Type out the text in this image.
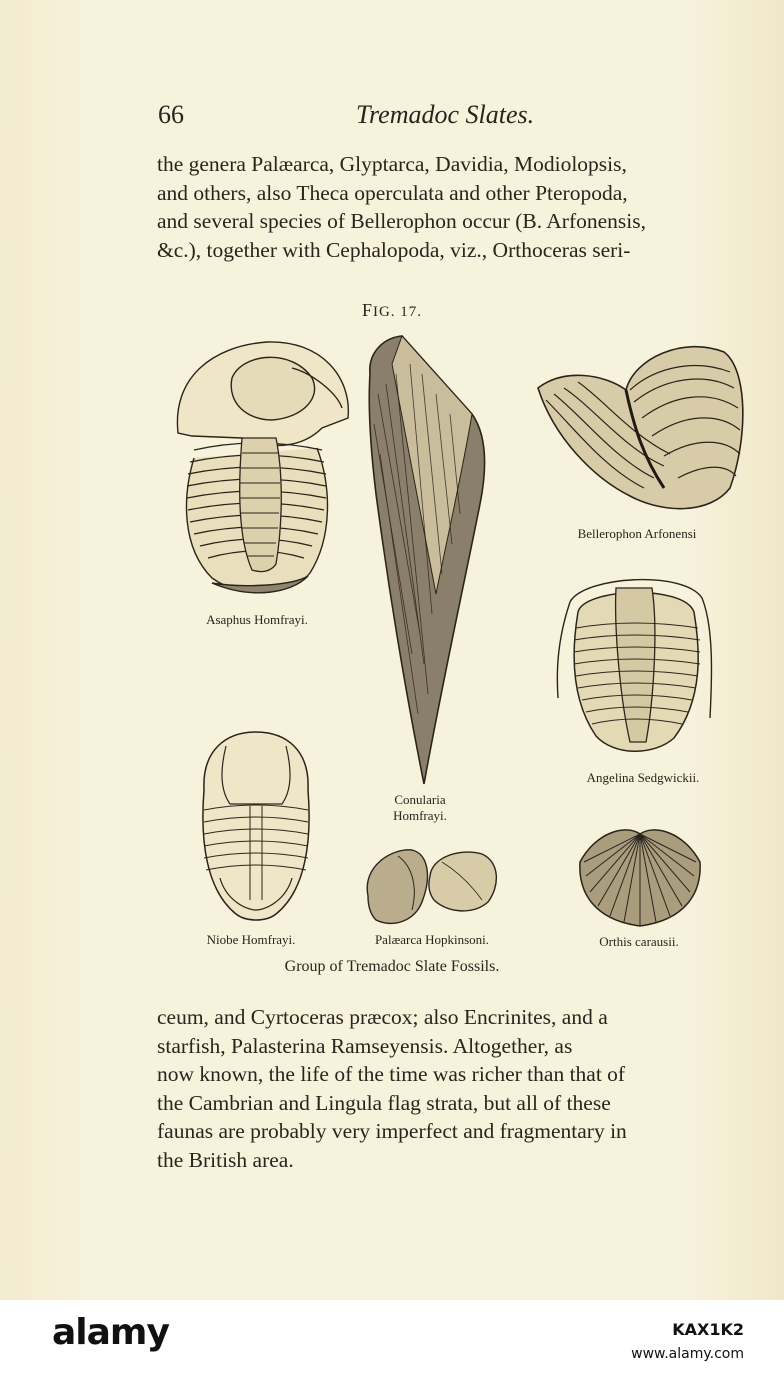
66	Tremadoc Slates.

the genera Palæarca, Glyptarca, Davidia, Modiolopsis,

and others, also Theca operculata and other Pteropoda,

and several species of Bellerophon occur (B. Arfonensis,

&c.), together with Cephalopoda, viz., Orthoceras seri-

FIG. 17.
Asaphus Homfrayi.
Conularia
Homfrayi.
Bellerophon Arfonensi
Angelina Sedgwickii.
Niobe Homfrayi.	Palæarca Hopkinsoni.	Orthis carausii.
Group of Tremadoc Slate Fossils.

ceum, and Cyrtoceras præcox; also Encrinites, and a

starfish, Palasterina Ramseyensis. Altogether, as

now known, the life of the time was richer than that of

the Cambrian and Lingula flag strata, but all of these

faunas are probably very imperfect and fragmentary in

the British area.

alamy	KAX1K2
www.alamy.com
